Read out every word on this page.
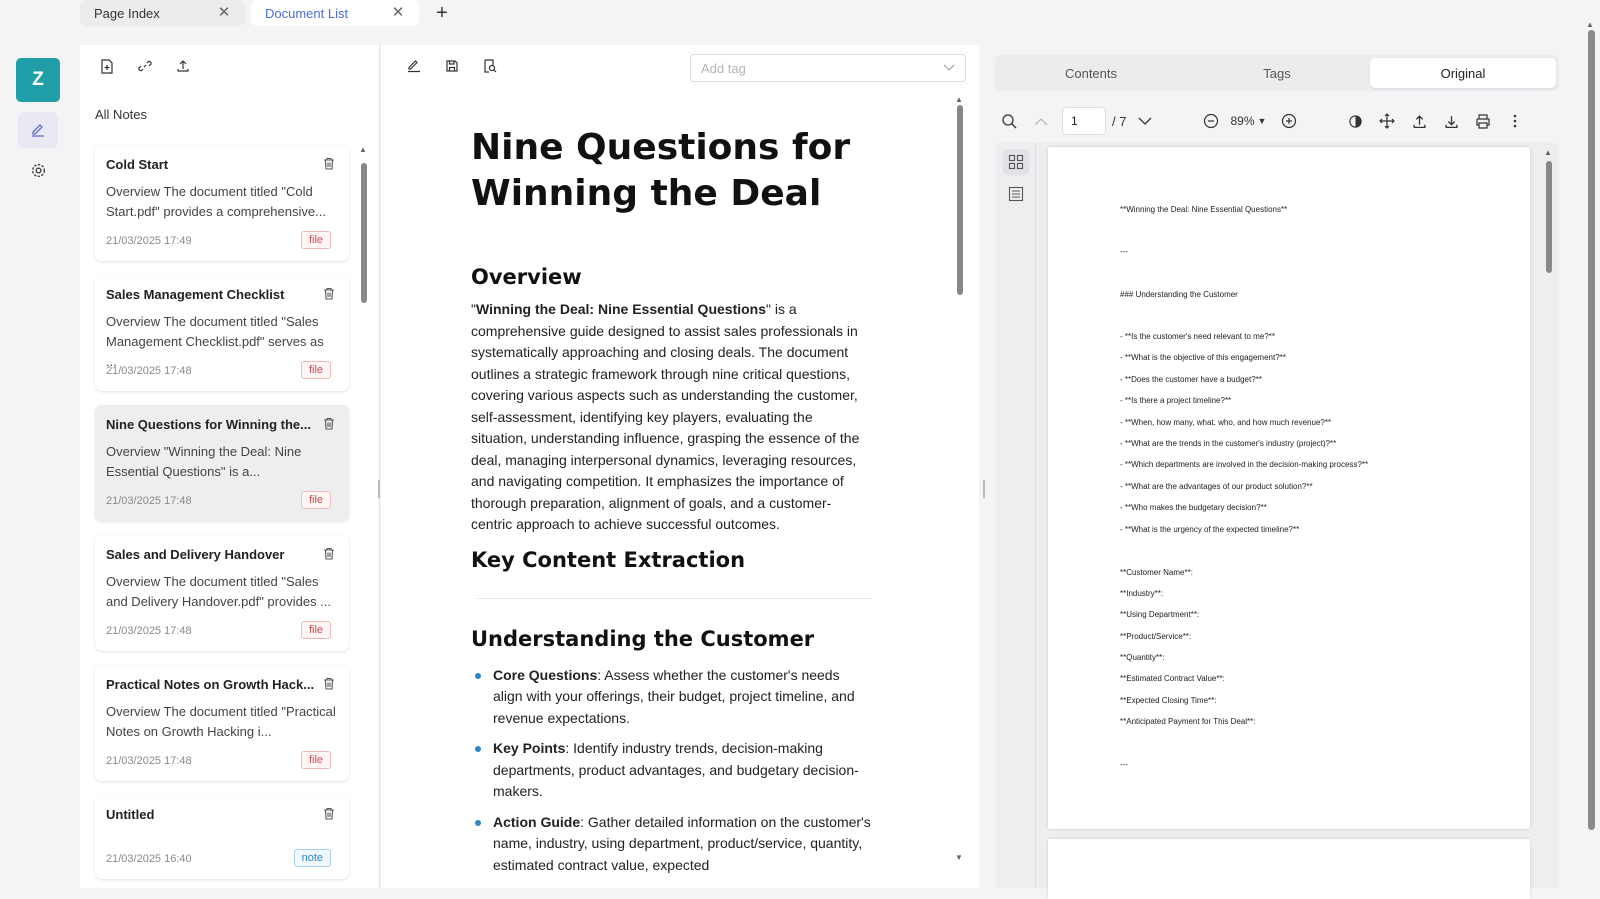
Page Index	✕	Document List	✕	+
Z
All Notes
Cold Start
Overview The document titled "Cold Start.pdf" provides a comprehensive...
21/03/2025 17:49	file
Sales Management Checklist
Overview The document titled "Sales Management Checklist.pdf" serves as ...
21/03/2025 17:48	file
Nine Questions for Winning the...
Overview "Winning the Deal: Nine Essential Questions" is a...
21/03/2025 17:48	file
Sales and Delivery Handover
Overview The document titled "Sales and Delivery Handover.pdf" provides ...
21/03/2025 17:48	file
Practical Notes on Growth Hack...
Overview The document titled "Practical Notes on Growth Hacking i...
21/03/2025 17:48	file
Untitled
21/03/2025 16:40	note
▲
Add tag
Nine Questions for Winning the Deal
Overview

"Winning the Deal: Nine Essential Questions" is a comprehensive guide designed to assist sales professionals in systematically approaching and closing deals. The document outlines a strategic framework through nine critical questions, covering various aspects such as understanding the customer, self-assessment, identifying key players, evaluating the situation, understanding influence, grasping the essence of the deal, managing interpersonal dynamics, leveraging resources, and navigating competition. It emphasizes the importance of thorough preparation, alignment of goals, and a customer-centric approach to achieve successful outcomes.

Key Content Extraction
Understanding the Customer
Core Questions: Assess whether the customer's needs align with your offerings, their budget, project timeline, and revenue expectations.
Key Points: Identify industry trends, decision-making departments, product advantages, and budgetary decision-makers.
Action Guide: Gather detailed information on the customer's name, industry, using department, product/service, quantity, estimated contract value, expected
▲
▼
Contents	Tags	Original
1	/ 7	89% ▼
**Winning the Deal: Nine Essential Questions**
---
### Understanding the Customer
- **Is the customer's need relevant to me?**
- **What is the objective of this engagement?**
- **Does the customer have a budget?**
- **Is there a project timeline?**
- **When, how many, what, who, and how much revenue?**
- **What are the trends in the customer's industry (project)?**
- **Which departments are involved in the decision-making process?**
- **What are the advantages of our product solution?**
- **Who makes the budgetary decision?**
- **What is the urgency of the expected timeline?**
**Customer Name**:
**Industry**:
**Using Department**:
**Product/Service**:
**Quantity**:
**Estimated Contract Value**:
**Expected Closing Time**:
**Anticipated Payment for This Deal**:
---
▲
▲
